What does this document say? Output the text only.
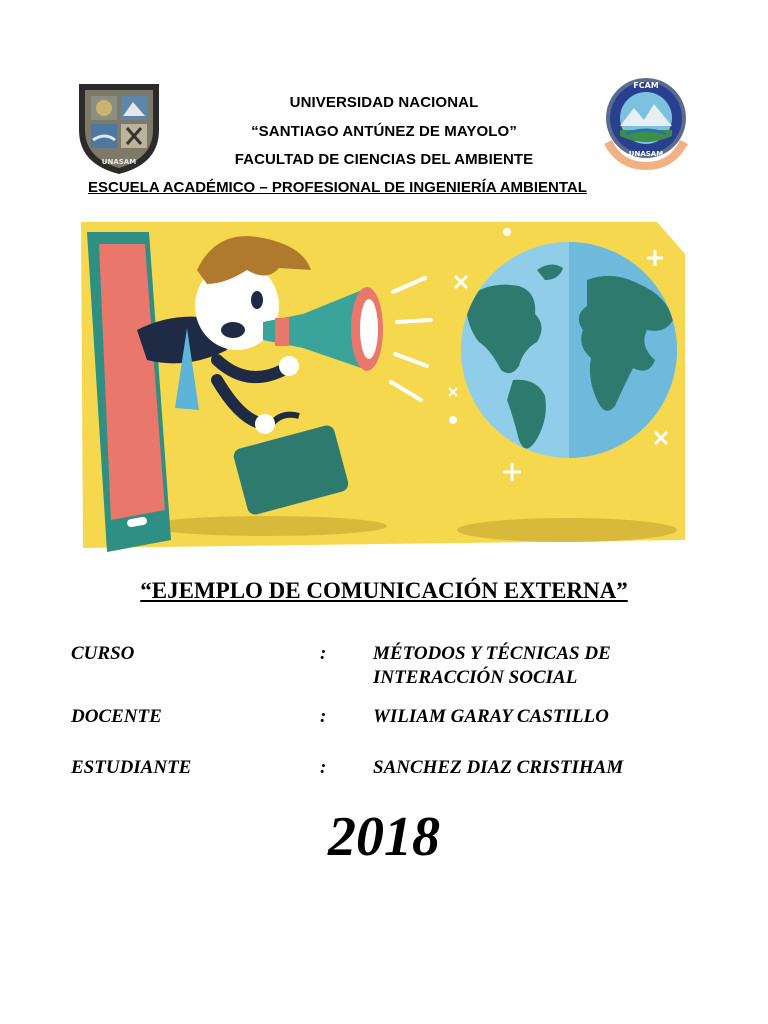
UNASAM
FCAM
UNASAM
UNIVERSIDAD NACIONAL
“SANTIAGO ANTÚNEZ DE MAYOLO”
FACULTAD DE CIENCIAS DEL AMBIENTE
ESCUELA ACADÉMICO – PROFESIONAL DE INGENIERÍA AMBIENTAL
“EJEMPLO DE COMUNICACIÓN EXTERNA”
CURSO	: MÉTODOS Y TÉCNICAS DE
INTERACCIÓN SOCIAL
DOCENTE	: WILIAM GARAY CASTILLO
ESTUDIANTE	: SANCHEZ DIAZ CRISTIHAM
2018
